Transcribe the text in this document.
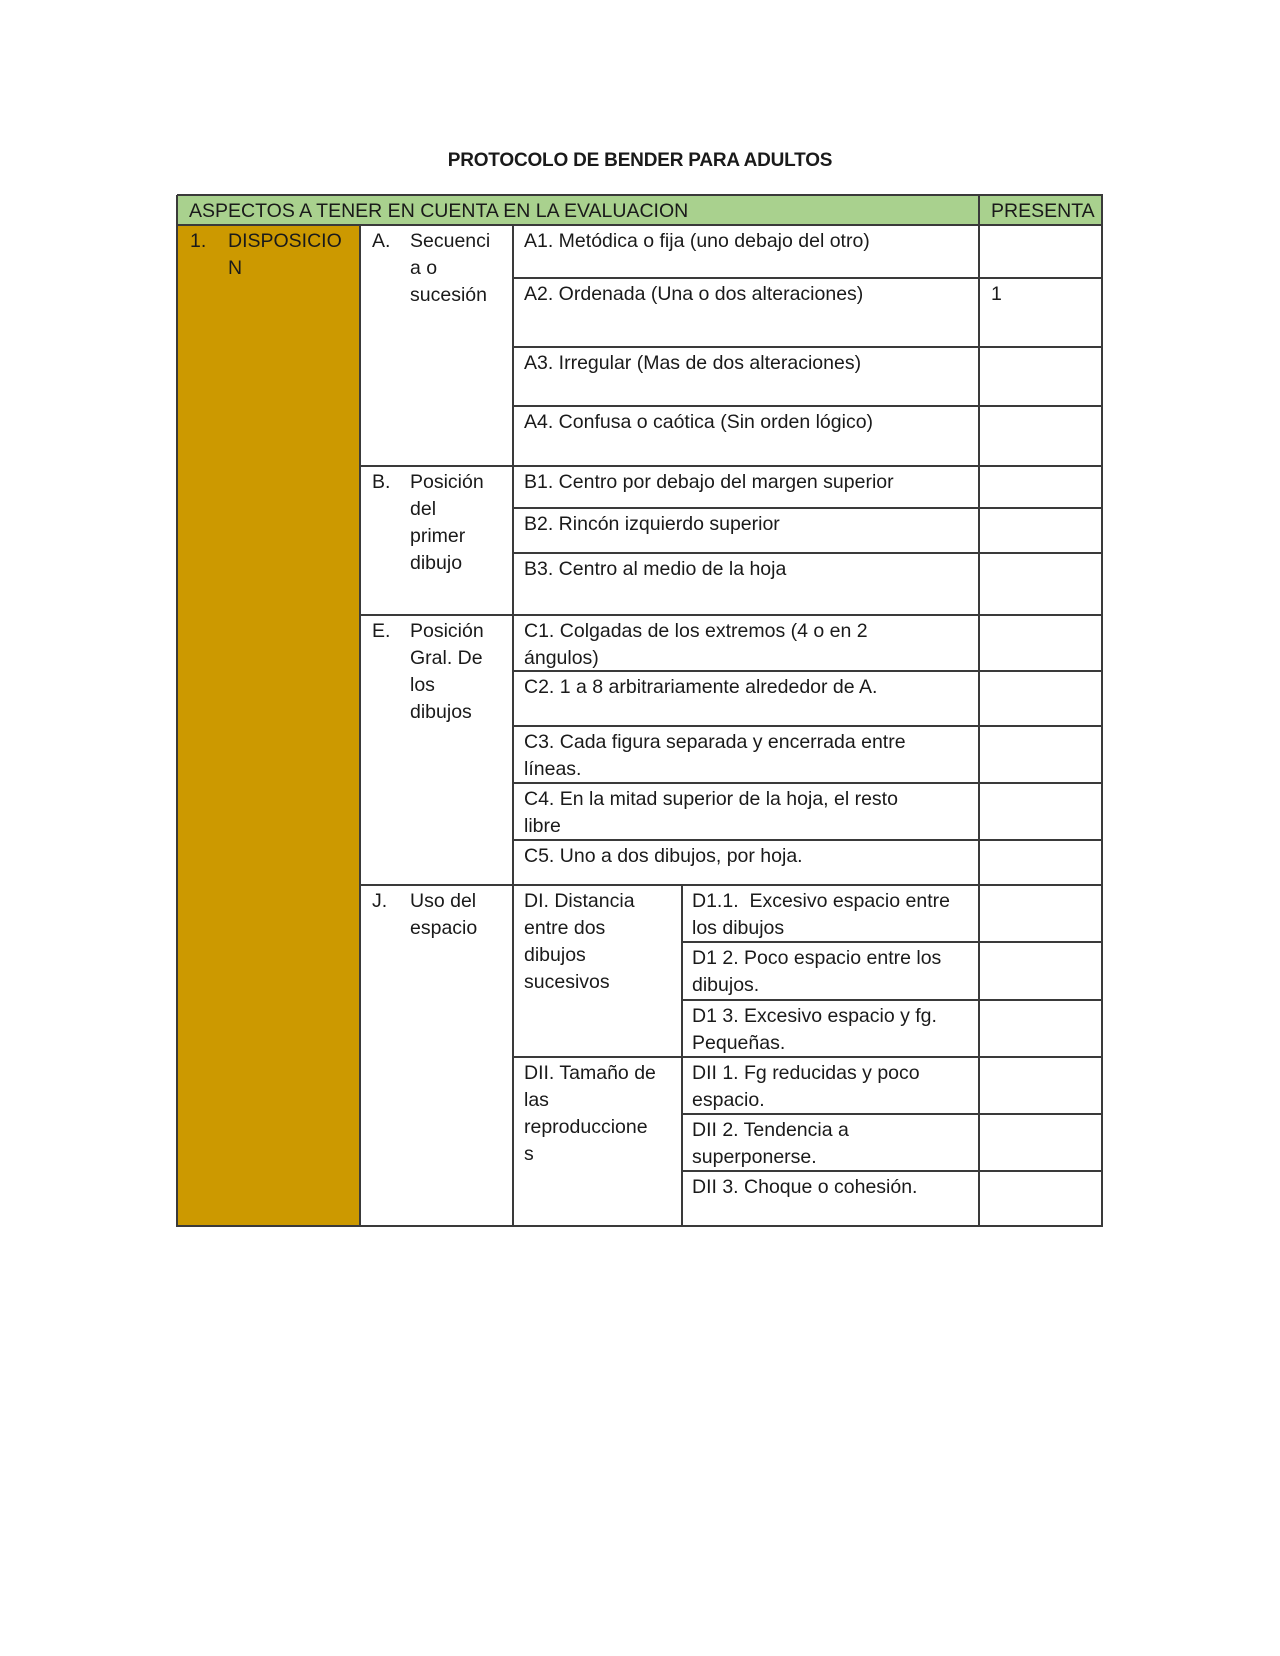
PROTOCOLO DE BENDER PARA ADULTOS
ASPECTOS A TENER EN CUENTA EN LA EVALUACION	PRESENTA
1. DISPOSICIO
N
A. Secuenci
a o
sucesión
A1. Metódica o fija (uno debajo del otro)
A2. Ordenada (Una o dos alteraciones)	1
A3. Irregular (Mas de dos alteraciones)
A4. Confusa o caótica (Sin orden lógico)
B. Posición
del
primer
dibujo
B1. Centro por debajo del margen superior
B2. Rincón izquierdo superior
B3. Centro al medio de la hoja
E. Posición
Gral. De
los
dibujos
C1. Colgadas de los extremos (4 o en 2
ángulos)
C2. 1 a 8 arbitrariamente alrededor de A.
C3. Cada figura separada y encerrada entre
líneas.
C4. En la mitad superior de la hoja, el resto
libre
C5. Uno a dos dibujos, por hoja.
J. Uso del
espacio
DI. Distancia
entre dos
dibujos
sucesivos
D1.1.  Excesivo espacio entre
los dibujos
D1 2. Poco espacio entre los
dibujos.
D1 3. Excesivo espacio y fg.
Pequeñas.
DII. Tamaño de
las
reproduccione
s
DII 1. Fg reducidas y poco
espacio.
DII 2. Tendencia a
superponerse.
DII 3. Choque o cohesión.
